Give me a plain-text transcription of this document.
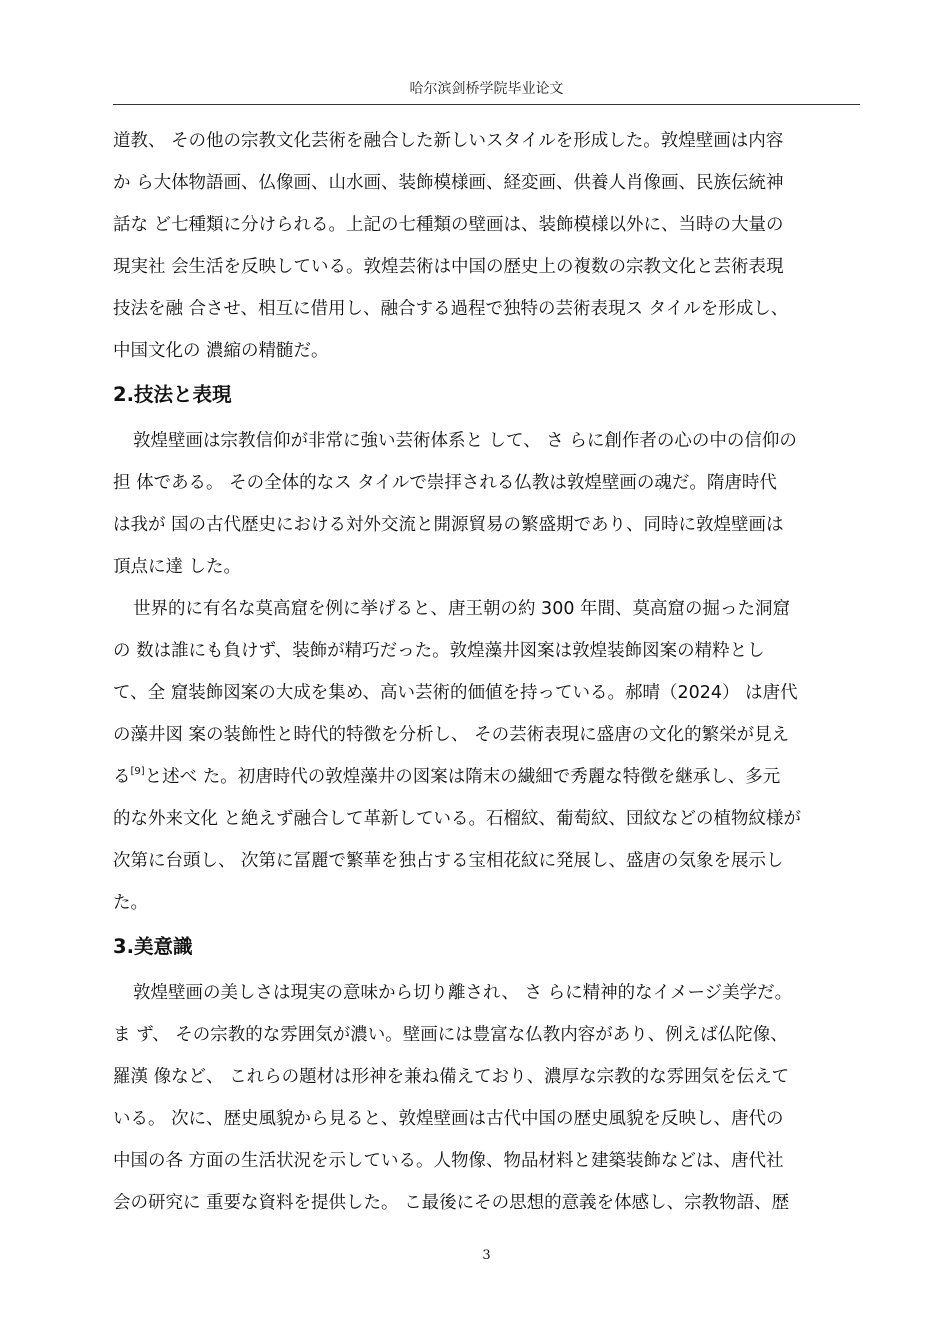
哈尔滨剑桥学院毕业论文
道教、 その他の宗教文化芸術を融合した新しいスタイルを形成した。敦煌壁画は内容
か ら大体物語画、仏像画、山水画、装飾模様画、経変画、供養人肖像画、民族伝統神
話な ど七種類に分けられる。上記の七種類の壁画は、装飾模様以外に、当時の大量の
現実社 会生活を反映している。敦煌芸術は中国の歴史上の複数の宗教文化と芸術表現
技法を融 合させ、相互に借用し、融合する過程で独特の芸術表現ス タイルを形成し、
中国文化の 濃縮の精髄だ。
2.技法と表現
敦煌壁画は宗教信仰が非常に強い芸術体系と して、 さ らに創作者の心の中の信仰の
担 体である。 その全体的なス タイルで崇拝される仏教は敦煌壁画の魂だ。隋唐時代
は我が 国の古代歴史における対外交流と開源貿易の繁盛期であり、同時に敦煌壁画は
頂点に達 した。
世界的に有名な莫高窟を例に挙げると、唐王朝の約 300 年間、莫高窟の掘った洞窟
の 数は誰にも負けず、装飾が精巧だった。敦煌藻井図案は敦煌装飾図案の精粋とし
て、全 窟装飾図案の大成を集め、高い芸術的価値を持っている。郝晴（2024） は唐代
の藻井図 案の装飾性と時代的特徴を分析し、 その芸術表現に盛唐の文化的繁栄が見え
る[9]と述べ た。初唐時代の敦煌藻井の図案は隋末の繊細で秀麗な特徴を継承し、多元
的な外来文化 と絶えず融合して革新している。石榴紋、葡萄紋、団紋などの植物紋様が
次第に台頭し、 次第に冨麗で繁華を独占する宝相花紋に発展し、盛唐の気象を展示し
た。
3.美意識
敦煌壁画の美しさは現実の意味から切り離され、 さ らに精神的なイメージ美学だ。
ま ず、 その宗教的な雰囲気が濃い。壁画には豊富な仏教内容があり、例えば仏陀像、
羅漢 像など、 これらの題材は形神を兼ね備えており、濃厚な宗教的な雰囲気を伝えて
いる。 次に、歴史風貌から見ると、敦煌壁画は古代中国の歴史風貌を反映し、唐代の
中国の各 方面の生活状況を示している。人物像、物品材料と建築装飾などは、唐代社
会の研究に 重要な資料を提供した。 こ最後にその思想的意義を体感し、宗教物語、歴
3
